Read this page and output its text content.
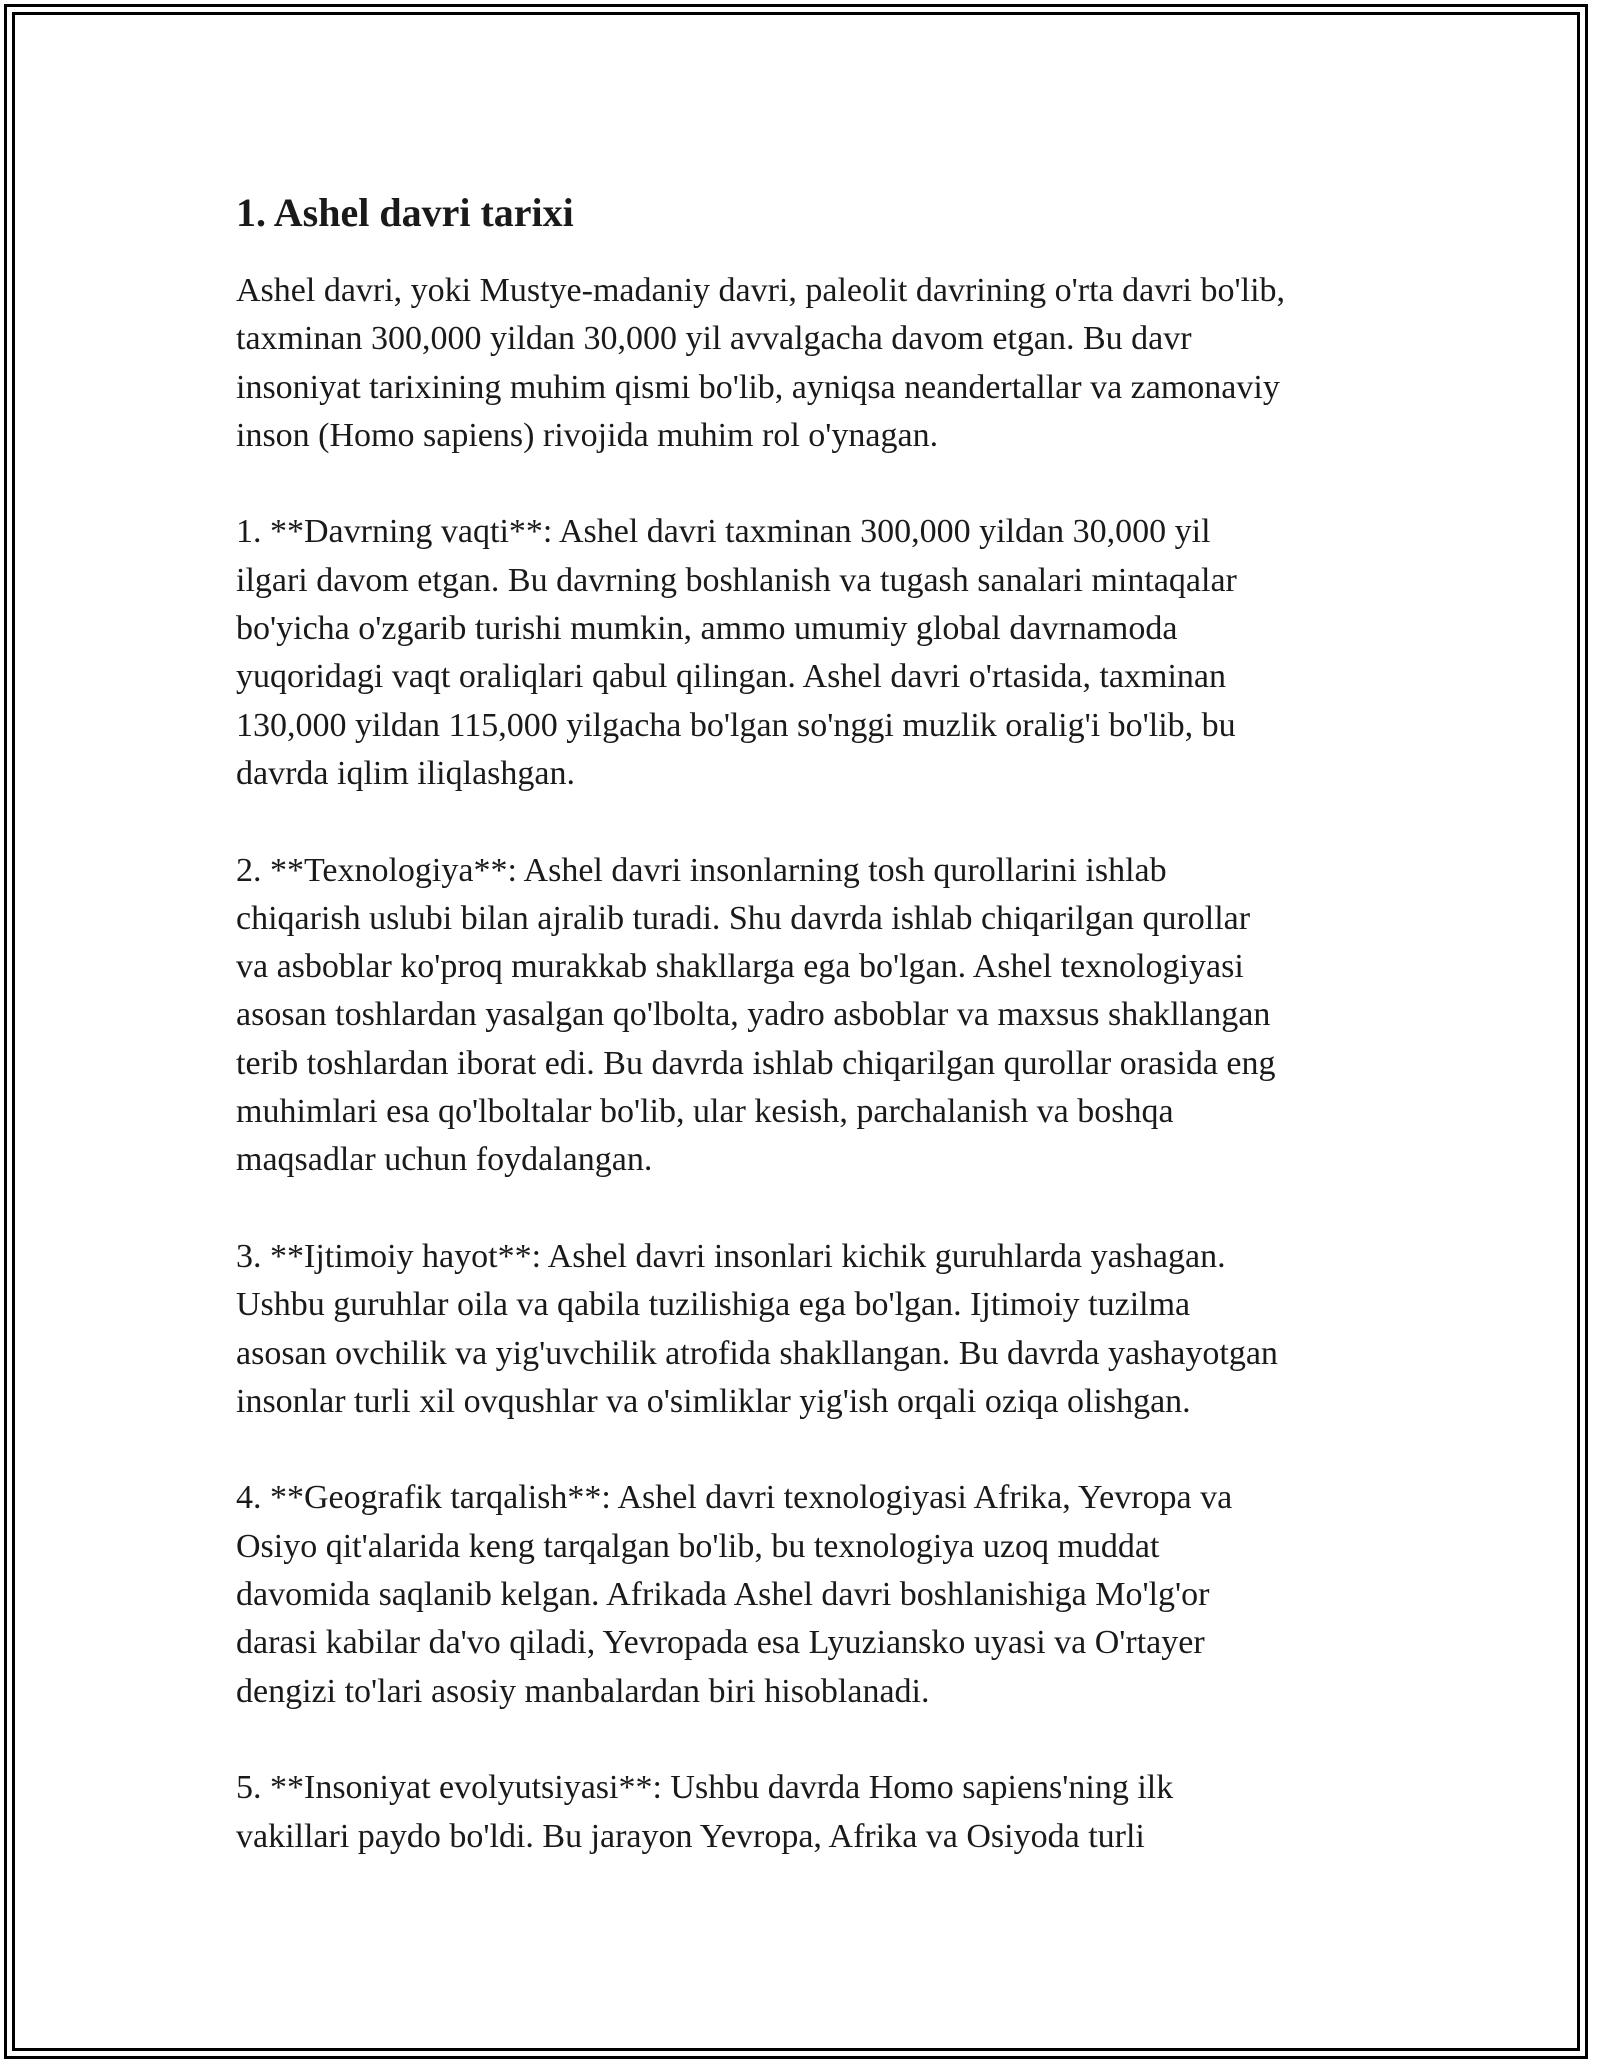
1. Ashel davri tarixi
Ashel davri, yoki Mustye-madaniy davri, paleolit davrining o'rta davri bo'lib,
taxminan 300,000 yildan 30,000 yil avvalgacha davom etgan. Bu davr
insoniyat tarixining muhim qismi bo'lib, ayniqsa neandertallar va zamonaviy
inson (Homo sapiens) rivojida muhim rol o'ynagan.
1. **Davrning vaqti**: Ashel davri taxminan 300,000 yildan 30,000 yil
ilgari davom etgan. Bu davrning boshlanish va tugash sanalari mintaqalar
bo'yicha o'zgarib turishi mumkin, ammo umumiy global davrnamoda
yuqoridagi vaqt oraliqlari qabul qilingan. Ashel davri o'rtasida, taxminan
130,000 yildan 115,000 yilgacha bo'lgan so'nggi muzlik oralig'i bo'lib, bu
davrda iqlim iliqlashgan.
2. **Texnologiya**: Ashel davri insonlarning tosh qurollarini ishlab
chiqarish uslubi bilan ajralib turadi. Shu davrda ishlab chiqarilgan qurollar
va asboblar ko'proq murakkab shakllarga ega bo'lgan. Ashel texnologiyasi
asosan toshlardan yasalgan qo'lbolta, yadro asboblar va maxsus shakllangan
terib toshlardan iborat edi. Bu davrda ishlab chiqarilgan qurollar orasida eng
muhimlari esa qo'lboltalar bo'lib, ular kesish, parchalanish va boshqa
maqsadlar uchun foydalangan.
3. **Ijtimoiy hayot**: Ashel davri insonlari kichik guruhlarda yashagan.
Ushbu guruhlar oila va qabila tuzilishiga ega bo'lgan. Ijtimoiy tuzilma
asosan ovchilik va yig'uvchilik atrofida shakllangan. Bu davrda yashayotgan
insonlar turli xil ovqushlar va o'simliklar yig'ish orqali oziqa olishgan.
4. **Geografik tarqalish**: Ashel davri texnologiyasi Afrika, Yevropa va
Osiyo qit'alarida keng tarqalgan bo'lib, bu texnologiya uzoq muddat
davomida saqlanib kelgan. Afrikada Ashel davri boshlanishiga Mo'lg'or
darasi kabilar da'vo qiladi, Yevropada esa Lyuziansko uyasi va O'rtayer
dengizi to'lari asosiy manbalardan biri hisoblanadi.
5. **Insoniyat evolyutsiyasi**: Ushbu davrda Homo sapiens'ning ilk
vakillari paydo bo'ldi. Bu jarayon Yevropa, Afrika va Osiyoda turli
